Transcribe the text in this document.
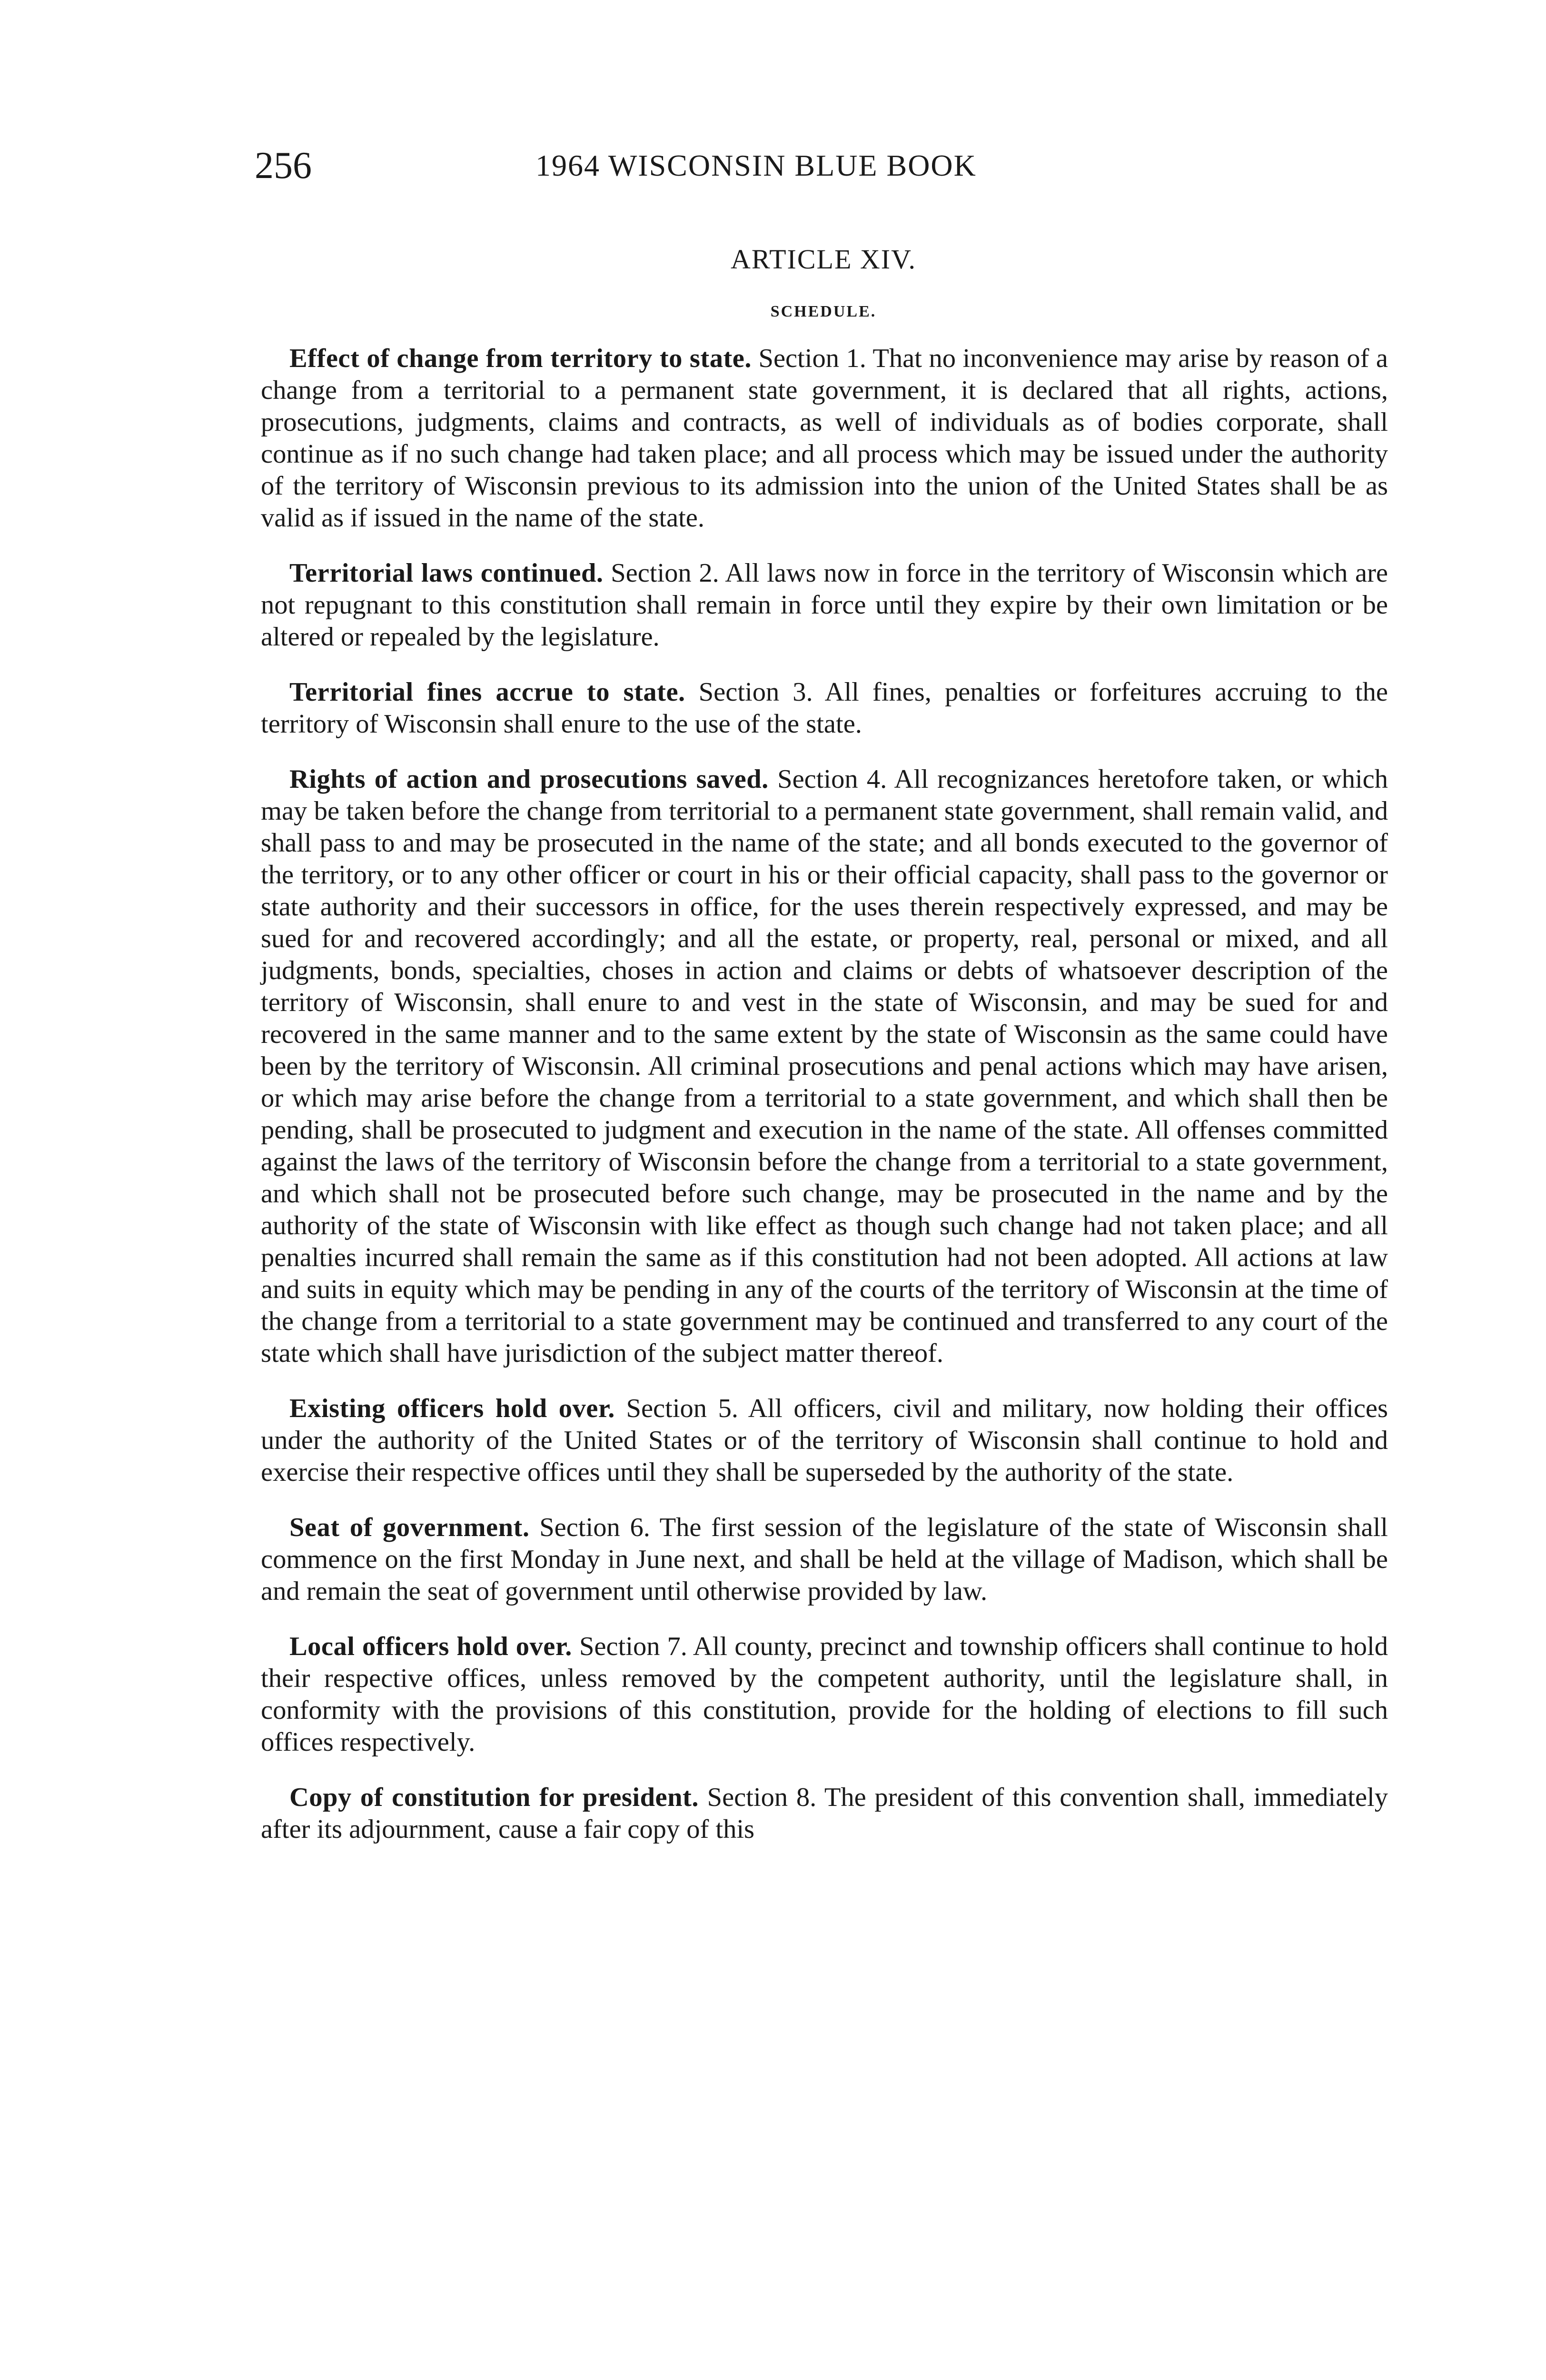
256	1964 WISCONSIN BLUE BOOK
ARTICLE XIV.
SCHEDULE.

Effect of change from territory to state. Section 1. That no inconvenience may arise by reason of a change from a territorial to a permanent state government, it is declared that all rights, actions, prosecutions, judgments, claims and contracts, as well of individuals as of bodies corporate, shall continue as if no such change had taken place; and all process which may be issued under the authority of the territory of Wisconsin previous to its admission into the union of the United States shall be as valid as if issued in the name of the state.

Territorial laws continued. Section 2. All laws now in force in the territory of Wisconsin which are not repugnant to this constitution shall remain in force until they expire by their own limitation or be altered or repealed by the legislature.

Territorial fines accrue to state. Section 3. All fines, penalties or forfeitures accruing to the territory of Wisconsin shall enure to the use of the state.

Rights of action and prosecutions saved. Section 4. All recognizances heretofore taken, or which may be taken before the change from territorial to a permanent state government, shall remain valid, and shall pass to and may be prosecuted in the name of the state; and all bonds executed to the governor of the territory, or to any other officer or court in his or their official capacity, shall pass to the governor or state authority and their successors in office, for the uses therein respectively expressed, and may be sued for and recovered accordingly; and all the estate, or property, real, personal or mixed, and all judgments, bonds, specialties, choses in action and claims or debts of whatsoever description of the territory of Wisconsin, shall enure to and vest in the state of Wisconsin, and may be sued for and recovered in the same manner and to the same extent by the state of Wisconsin as the same could have been by the territory of Wisconsin. All criminal prosecutions and penal actions which may have arisen, or which may arise before the change from a territorial to a state government, and which shall then be pending, shall be prosecuted to judgment and execution in the name of the state. All offenses committed against the laws of the territory of Wisconsin before the change from a territorial to a state government, and which shall not be prosecuted before such change, may be prosecuted in the name and by the authority of the state of Wisconsin with like effect as though such change had not taken place; and all penalties incurred shall remain the same as if this constitution had not been adopted. All actions at law and suits in equity which may be pending in any of the courts of the territory of Wisconsin at the time of the change from a territorial to a state government may be continued and transferred to any court of the state which shall have jurisdiction of the subject matter thereof.

Existing officers hold over. Section 5. All officers, civil and military, now holding their offices under the authority of the United States or of the territory of Wisconsin shall continue to hold and exercise their respective offices until they shall be superseded by the authority of the state.

Seat of government. Section 6. The first session of the legislature of the state of Wisconsin shall commence on the first Monday in June next, and shall be held at the village of Madison, which shall be and remain the seat of government until otherwise provided by law.

Local officers hold over. Section 7. All county, precinct and township officers shall continue to hold their respective offices, unless removed by the competent authority, until the legislature shall, in conformity with the provisions of this constitution, provide for the holding of elections to fill such offices respectively.

Copy of constitution for president. Section 8. The president of this convention shall, immediately after its adjournment, cause a fair copy of this
